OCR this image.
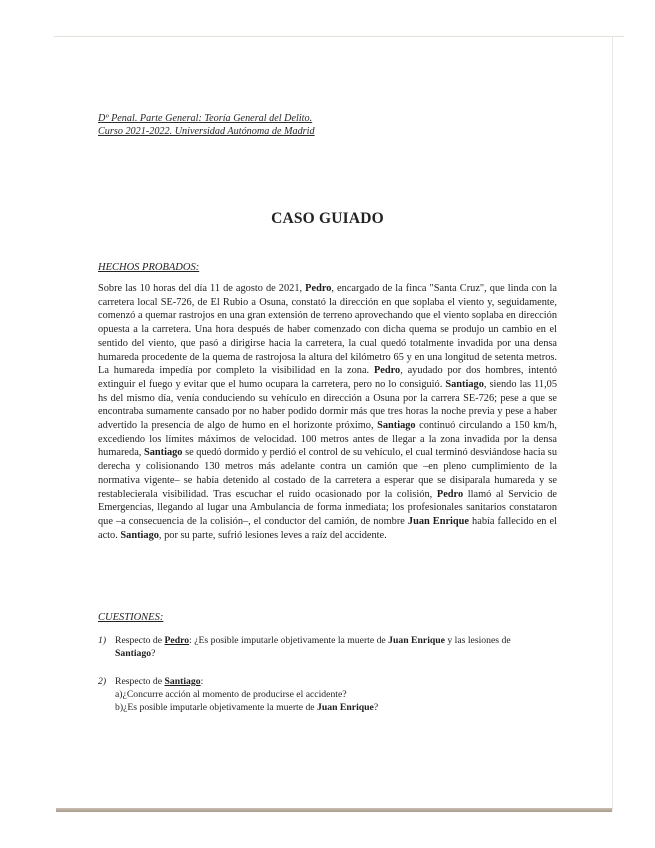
Dº Penal. Parte General: Teoría General del Delito.
Curso 2021-2022. Universidad Autónoma de Madrid
CASO GUIADO
HECHOS PROBADOS:

Sobre las 10 horas del día 11 de agosto de 2021, Pedro, encargado de la finca "Santa Cruz", que linda con la carretera local SE-726, de El Rubio a Osuna, constató la dirección en que soplaba el viento y, seguidamente, comenzó a quemar rastrojos en una gran extensión de terreno aprovechando que el viento soplaba en dirección opuesta a la carretera. Una hora después de haber comenzado con dicha quema se produjo un cambio en el sentido del viento, que pasó a dirigirse hacia la carretera, la cual quedó totalmente invadida por una densa humareda procedente de la quema de rastrojosa la altura del kilómetro 65 y en una longitud de setenta metros. La humareda impedía por completo la visibilidad en la zona. Pedro, ayudado por dos hombres, intentó extinguir el fuego y evitar que el humo ocupara la carretera, pero no lo consiguió. Santiago, siendo las 11,05 hs del mismo día, venía conduciendo su vehículo en dirección a Osuna por la carrera SE-726; pese a que se encontraba sumamente cansado por no haber podido dormir más que tres horas la noche previa y pese a haber advertido la presencia de algo de humo en el horizonte próximo, Santiago continuó circulando a 150 km/h, excediendo los límites máximos de velocidad. 100 metros antes de llegar a la zona invadida por la densa humareda, Santiago se quedó dormido y perdió el control de su vehículo, el cual terminó desviándose hacia su derecha y colisionando 130 metros más adelante contra un camión que –en pleno cumplimiento de la normativa vigente– se había detenido al costado de la carretera a esperar que se disiparala humareda y se restablecierala visibilidad. Tras escuchar el ruido ocasionado por la colisión, Pedro llamó al Servicio de Emergencias, llegando al lugar una Ambulancia de forma inmediata; los profesionales sanitarios constataron que –a consecuencia de la colisión–, el conductor del camión, de nombre Juan Enrique había fallecido en el acto. Santiago, por su parte, sufrió lesiones leves a raíz del accidente.

CUESTIONES:
1) Respecto de Pedro: ¿Es posible imputarle objetivamente la muerte de Juan Enrique y las lesiones de
Santiago?
2) Respecto de Santiago:
a)¿Concurre acción al momento de producirse el accidente?
b)¿Es posible imputarle objetivamente la muerte de Juan Enrique?
